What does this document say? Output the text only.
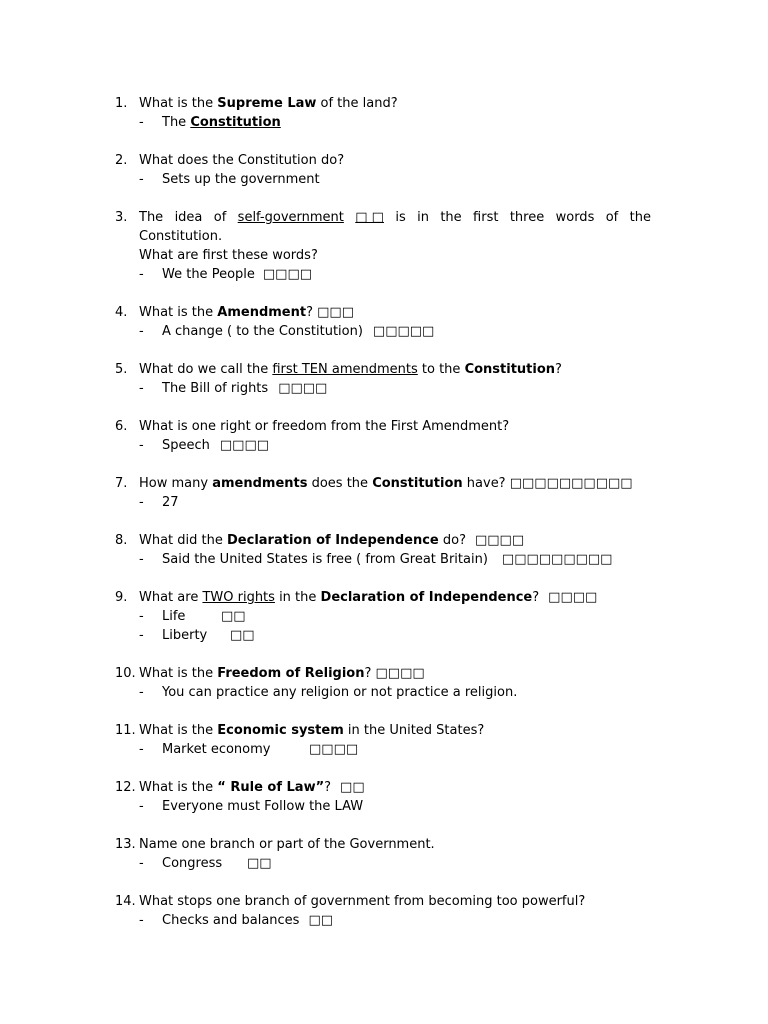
1. What is the Supreme Law of the land?
- The Constitution
2. What does the Constitution do?
- Sets up the government
3. The idea of self-government □ □ is in the first three words of the
Constitution.
What are first these words?
- We the People □□□□
4. What is the Amendment? □□□
- A change ( to the Constitution) □□□□□
5. What do we call the first TEN amendments to the Constitution?
- The Bill of rights □□□□
6. What is one right or freedom from the First Amendment?
- Speech □□□□
7. How many amendments does the Constitution have? □□□□□□□□□□
- 27
8. What did the Declaration of Independence do? □□□□
- Said the United States is free ( from Great Britain) □□□□□□□□□
9. What are TWO rights in the Declaration of Independence? □□□□
- Life	□□
- Liberty □□
10. What is the Freedom of Religion? □□□□
- You can practice any religion or not practice a religion.
11. What is the Economic system in the United States?
- Market economy	□□□□
12. What is the “ Rule of Law”? □□
- Everyone must Follow the LAW
13. Name one branch or part of the Government.
- Congress □□
14. What stops one branch of government from becoming too powerful?
- Checks and balances □□
